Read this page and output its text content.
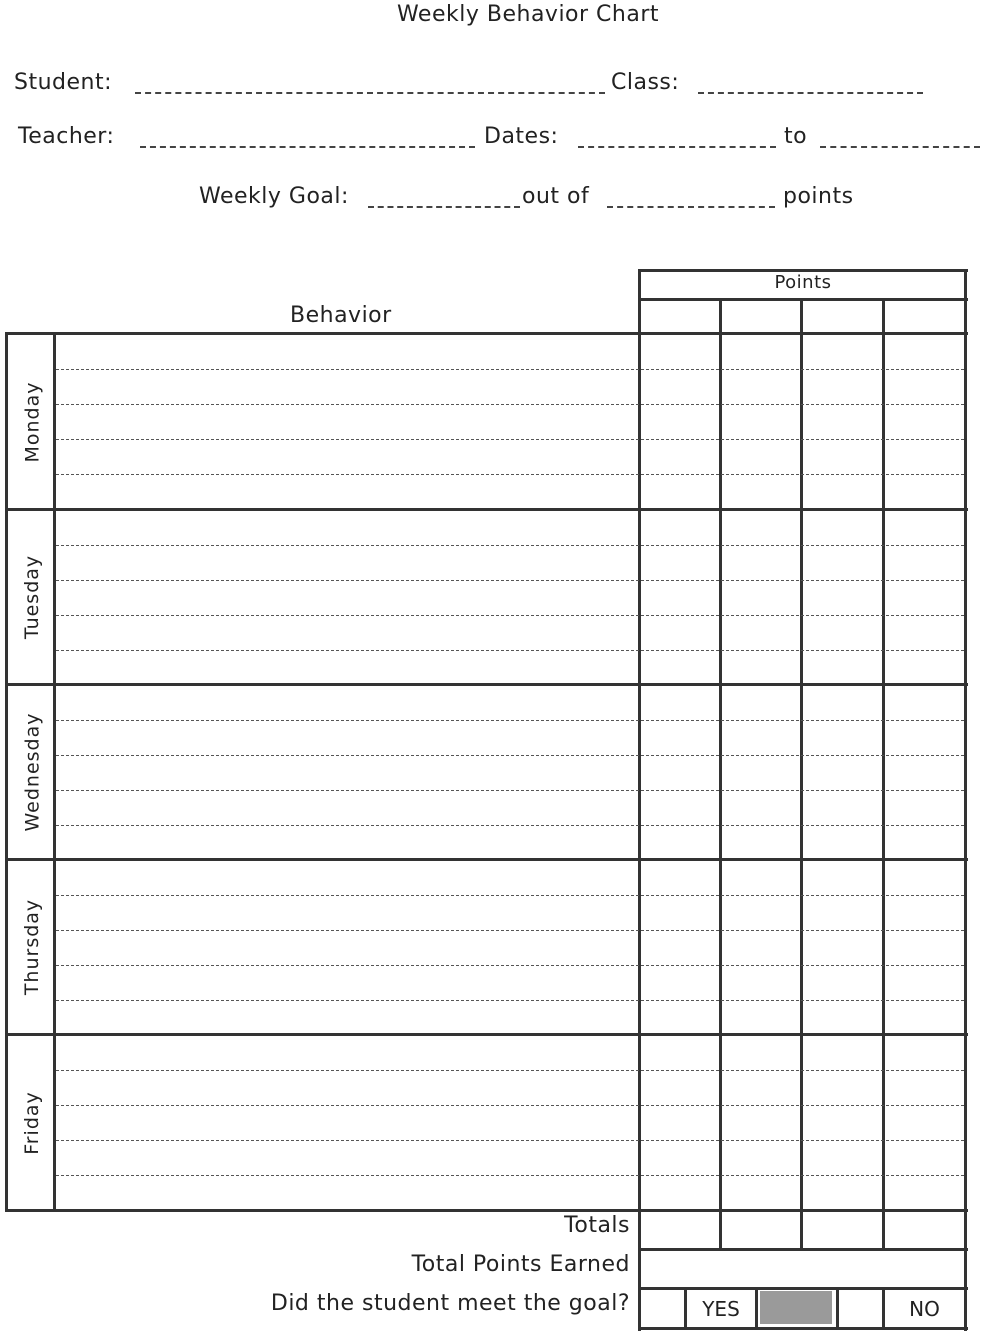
Weekly Behavior Chart
Student:	Class:
Teacher:	Dates:	to
Weekly Goal:	out of	points
Behavior
Points
Monday
Tuesday
Wednesday
Thursday
Friday
Totals
Total Points Earned
Did the student meet the goal?	YES	NO
